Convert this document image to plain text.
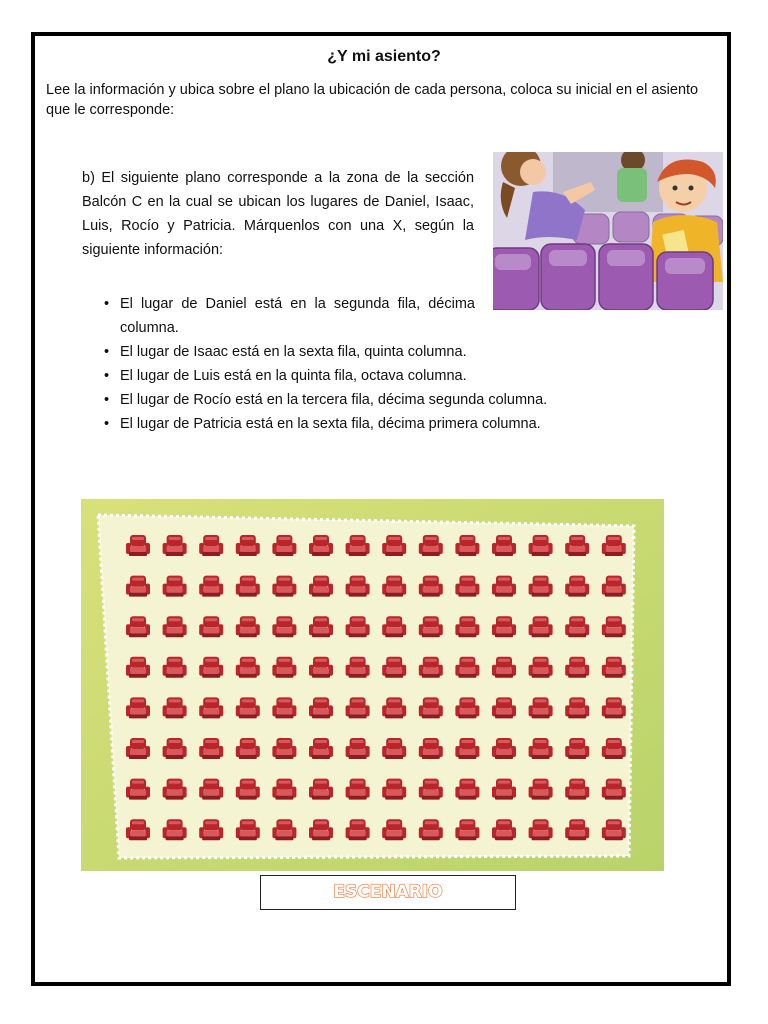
¿Y mi asiento?
Lee la información y ubica sobre el plano la ubicación de cada persona, coloca su inicial en el asiento que le corresponde:
b) El siguiente plano corresponde a la zona de la sección Balcón C en la cual se ubican los lugares de Daniel, Isaac, Luis, Rocío y Patricia. Márquenlos con una X, según la siguiente información:
• El lugar de Daniel está en la segunda fila, décima columna.
• El lugar de Isaac está en la sexta fila, quinta columna.
• El lugar de Luis está en la quinta fila, octava columna.
• El lugar de Rocío está en la tercera fila, décima segunda columna.
• El lugar de Patricia está en la sexta fila, décima primera columna.
ESCENARIO
